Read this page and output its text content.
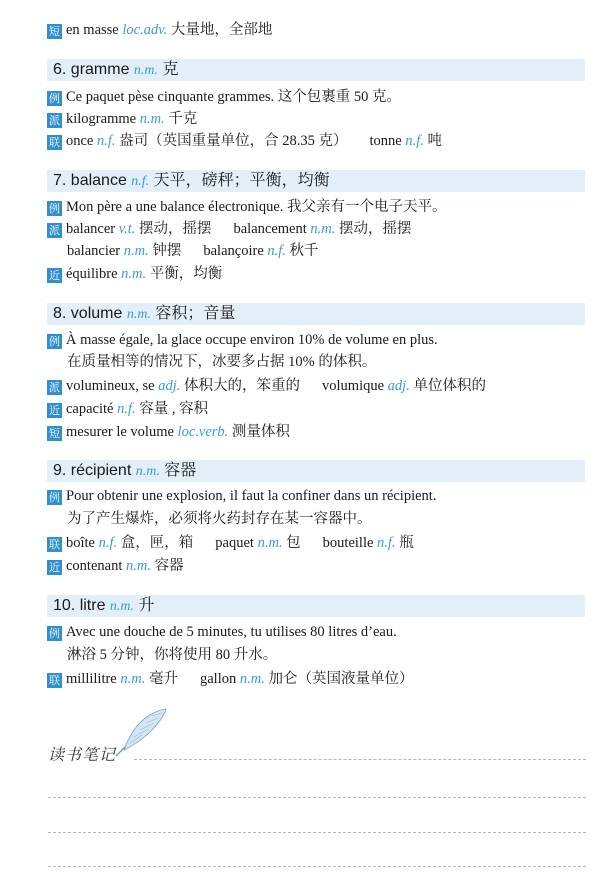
短 en masse loc.adv. 大量地，全部地
6. gramme n.m. 克
例 Ce paquet pèse cinquante grammes. 这个包裹重 50 克。
派 kilogramme n.m. 千克
联 once n.f. 盎司（英国重量单位，合 28.35 克） tonne n.f. 吨
7. balance n.f. 天平，磅秤；平衡，均衡
例 Mon père a une balance électronique. 我父亲有一个电子天平。
派 balancer v.t. 摆动，摇摆 balancement n.m. 摆动，摇摆
balancier n.m. 钟摆 balançoire n.f. 秋千
近 équilibre n.m. 平衡，均衡
8. volume n.m. 容积；音量
例 À masse égale, la glace occupe environ 10% de volume en plus.
在质量相等的情况下，冰要多占据 10% 的体积。
派 volumineux, se adj. 体积大的，笨重的 volumique adj. 单位体积的
近 capacité n.f. 容量 , 容积
短 mesurer le volume loc.verb. 测量体积
9. récipient n.m. 容器
例 Pour obtenir une explosion, il faut la confiner dans un récipient.
为了产生爆炸，必须将火药封存在某一容器中。
联 boîte n.f. 盒，匣，箱 paquet n.m. 包 bouteille n.f. 瓶
近 contenant n.m. 容器
10. litre n.m. 升
例 Avec une douche de 5 minutes, tu utilises 80 litres d’eau.
淋浴 5 分钟，你将使用 80 升水。
联 millilitre n.m. 毫升 gallon n.m. 加仑（英国液量单位）
读书笔记
